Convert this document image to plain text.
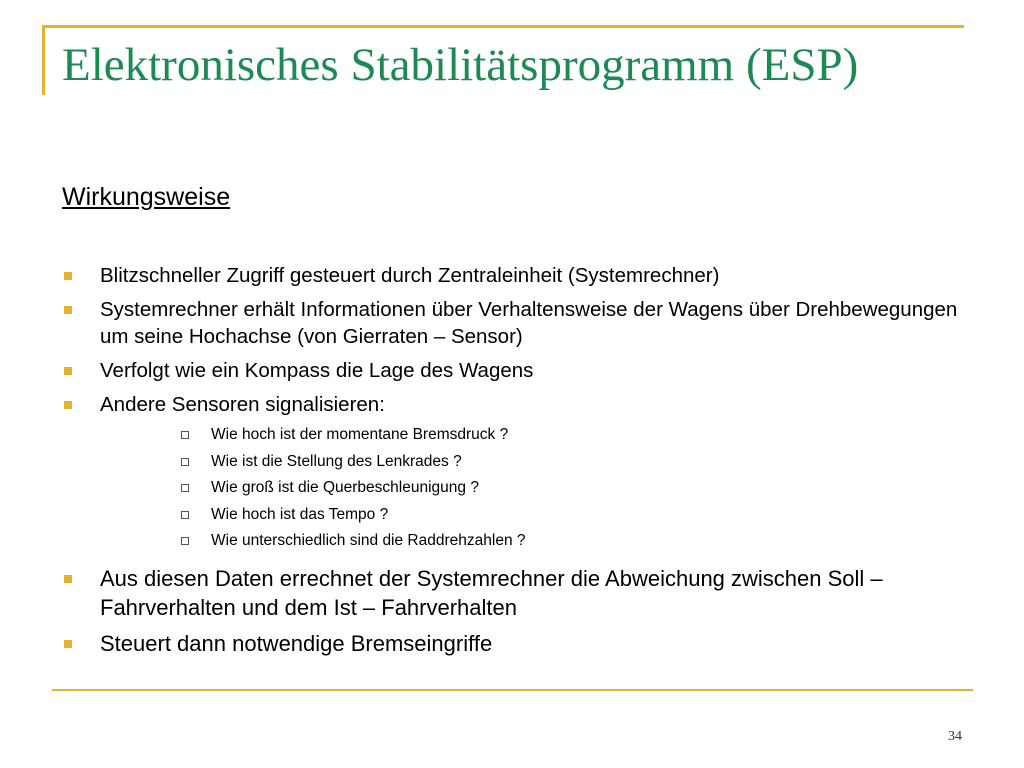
Elektronisches Stabilitätsprogramm (ESP)
Wirkungsweise
Blitzschneller Zugriff gesteuert durch Zentraleinheit (Systemrechner)
Systemrechner erhält Informationen über Verhaltensweise der Wagens über Drehbewegungen um seine Hochachse (von Gierraten – Sensor)
Verfolgt wie ein Kompass die Lage des Wagens
Andere Sensoren signalisieren:
Wie hoch ist der momentane Bremsdruck ?
Wie ist die Stellung des Lenkrades ?
Wie groß ist die Querbeschleunigung ?
Wie hoch ist das Tempo ?
Wie unterschiedlich sind die Raddrehzahlen ?
Aus diesen Daten errechnet der Systemrechner die Abweichung zwischen Soll – Fahrverhalten und dem Ist – Fahrverhalten
Steuert dann notwendige Bremseingriffe
34
